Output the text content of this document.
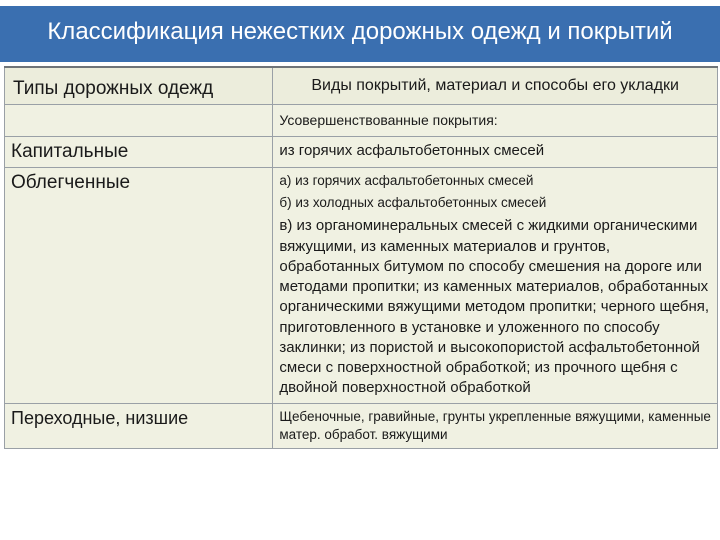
Классификация нежестких дорожных одежд и покрытий
Типы дорожных одежд	Виды покрытий, материал и способы его укладки
	Усовершенствованные покрытия:
Капитальные	из горячих асфальтобетонных смесей

Облегченные	а) из горячих асфальтобетонных смесей

б) из холодных асфальтобетонных смесей

в) из органоминеральных смесей с жидкими органическими вяжущими, из каменных материалов и грунтов, обработанных битумом по способу смешения на дороге или методами пропитки; из каменных материалов, обработанных органическими вяжущими методом пропитки; черного щебня, приготовленного в установке и уложенного по способу заклинки; из пористой и высокопористой асфальтобетонной смеси с поверхностной обработкой; из прочного щебня с двойной поверхностной обработкой

Переходные, низшие	Щебеночные, гравийные, грунты укрепленные вяжущими, каменные матер. обработ. вяжущими
